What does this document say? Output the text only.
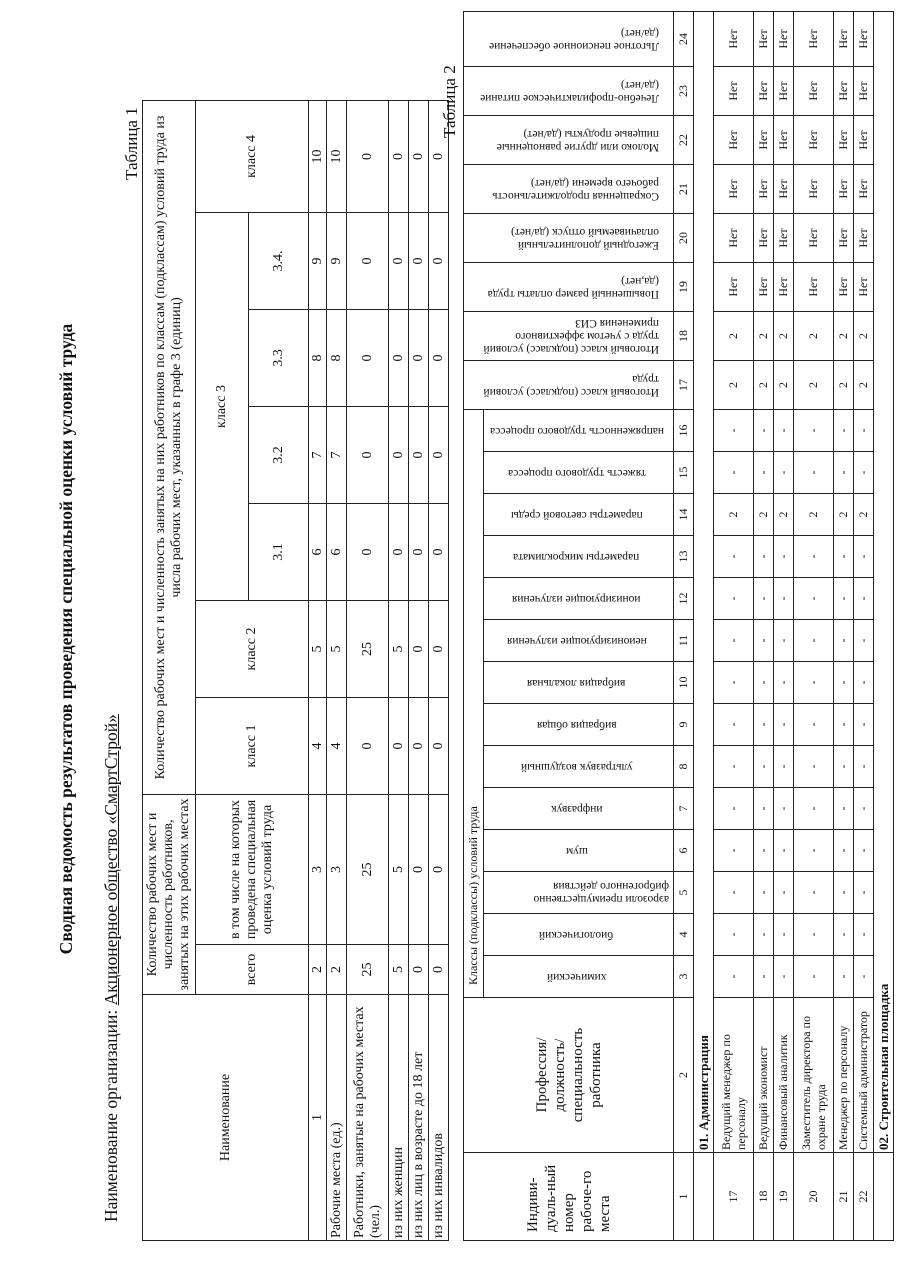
Сводная ведомость результатов проведения специальной оценки условий труда
Наименование организации: Акционерное общество «СмартСтрой»
Таблица 1
Наименование	Количество рабочих мест и численность работников, занятых на этих рабочих местах		Количество рабочих мест и численность занятых на них работников по классам (подклассам) условий труда из числа рабочих мест, указанных в графе 3 (единиц)						
	всего	в том числе на которых проведена специальная оценка условий труда	класс 1	класс 2	класс 3				класс 4
					3.1	3.2	3.3	3.4.	
1	2	3	4	5	6	7	8	9	10
Рабочие места (ед.)	2	3	4	5	6	7	8	9	10
Работники, занятые на рабочих местах (чел.)	25	25	0	25	0	0	0	0	0
из них женщин	5	5	0	5	0	0	0	0	0
из них лиц в возрасте до 18 лет	0	0	0	0	0	0	0	0	0
из них инвалидов	0	0	0	0	0	0	0	0	0
Таблица 2
Индиви-дуаль-ный номер рабоче-го места	Профессия/ должность/ специальность работника	Классы (подклассы) условий труда														Итоговый класс (подкласс) условий труда	Итоговый класс (подкласс) условий труда с учетом эффективного применения СИЗ	Повышенный размер оплаты труда (да,нет)	Ежегодный дополнительный оплачиваемый отпуск (да/нет)	Сокращенная продолжительность рабочего времени (да/нет)	Молоко или другие равноценные пищевые продукты (да/нет)	Лечебно-профилактическое питание (да/нет)	Льготное пенсионное обеспечение (да/нет)
		химический	биологический	аэрозоли преимущественно фиброгенного действия	шум	инфразвук	ультразвук воздушный	вибрация общая	вибрация локальная	неионизирующие излучения	ионизирующие излучения	параметры микроклимата	параметры световой среды	тяжесть трудового процесса	напряженность трудового процесса								
1	2	3	4	5	6	7	8	9	10	11	12	13	14	15	16	17	18	19	20	21	22	23	24
	01. Администрация																						
17	Ведущий менеджер по персоналу	-	-	-	-	-	-	-	-	-	-	-	2	-	-	2	2	Нет	Нет	Нет	Нет	Нет	Нет
18	Ведущий экономист	-	-	-	-	-	-	-	-	-	-	-	2	-	-	2	2	Нет	Нет	Нет	Нет	Нет	Нет
19	Финансовый аналитик	-	-	-	-	-	-	-	-	-	-	-	2	-	-	2	2	Нет	Нет	Нет	Нет	Нет	Нет
20	Заместитель директора по охране труда	-	-	-	-	-	-	-	-	-	-	-	2	-	-	2	2	Нет	Нет	Нет	Нет	Нет	Нет
21	Менеджер по персоналу	-	-	-	-	-	-	-	-	-	-	-	2	-	-	2	2	Нет	Нет	Нет	Нет	Нет	Нет
22	Системный администратор	-	-	-	-	-	-	-	-	-	-	-	2	-	-	2	2	Нет	Нет	Нет	Нет	Нет	Нет
	02. Строительная площадка																						
